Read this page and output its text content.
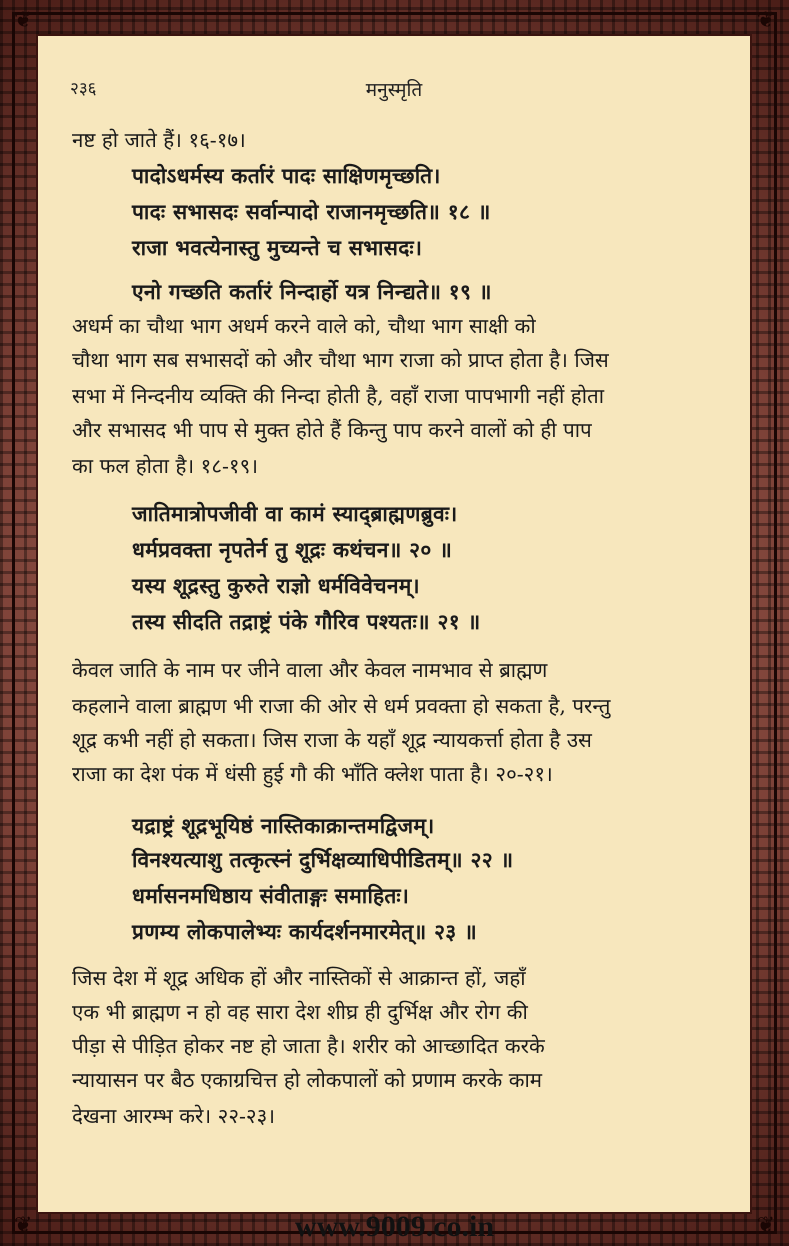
❦	❦
❦	❦
२३६	मनुस्मृति
नष्ट हो जाते हैं। १६-१७।
पादोऽधर्मस्य कर्तारं पादः साक्षिणमृच्छति।
पादः सभासदः सर्वान्पादो राजानमृच्छति॥ १८ ॥
राजा भवत्येनास्तु मुच्यन्ते च सभासदः।
एनो गच्छति कर्तारं निन्दार्हो यत्र निन्द्यते॥ १९ ॥
अधर्म का चौथा भाग अधर्म करने वाले को, चौथा भाग साक्षी को
चौथा भाग सब सभासदों को और चौथा भाग राजा को प्राप्त होता है। जिस
सभा में निन्दनीय व्यक्ति की निन्दा होती है, वहाँ राजा पापभागी नहीं होता
और सभासद भी पाप से मुक्त होते हैं किन्तु पाप करने वालों को ही पाप
का फल होता है। १८-१९।
जातिमात्रोपजीवी वा कामं स्याद्ब्राह्मणब्रुवः।
धर्मप्रवक्ता नृपतेर्न तु शूद्रः कथंचन॥ २० ॥
यस्य शूद्रस्तु कुरुते राज्ञो धर्मविवेचनम्।
तस्य सीदति तद्राष्ट्रं पंके गौरिव पश्यतः॥ २१ ॥
केवल जाति के नाम पर जीने वाला और केवल नामभाव से ब्राह्मण
कहलाने वाला ब्राह्मण भी राजा की ओर से धर्म प्रवक्ता हो सकता है, परन्तु
शूद्र कभी नहीं हो सकता। जिस राजा के यहाँ शूद्र न्यायकर्त्ता होता है उस
राजा का देश पंक में धंसी हुई गौ की भाँति क्लेश पाता है। २०-२१।
यद्राष्ट्रं शूद्रभूयिष्ठं नास्तिकाक्रान्तमद्विजम्।
विनश्यत्याशु तत्कृत्स्नं दुर्भिक्षव्याधिपीडितम्॥ २२ ॥
धर्मासनमधिष्ठाय संवीताङ्गः समाहितः।
प्रणम्य लोकपालेभ्यः कार्यदर्शनमारमेत्॥ २३ ॥
जिस देश में शूद्र अधिक हों और नास्तिकों से आक्रान्त हों, जहाँ
एक भी ब्राह्मण न हो वह सारा देश शीघ्र ही दुर्भिक्ष और रोग की
पीड़ा से पीड़ित होकर नष्ट हो जाता है। शरीर को आच्छादित करके
न्यायासन पर बैठ एकाग्रचित्त हो लोकपालों को प्रणाम करके काम
देखना आरम्भ करे। २२-२३।
www.9009.co.in
